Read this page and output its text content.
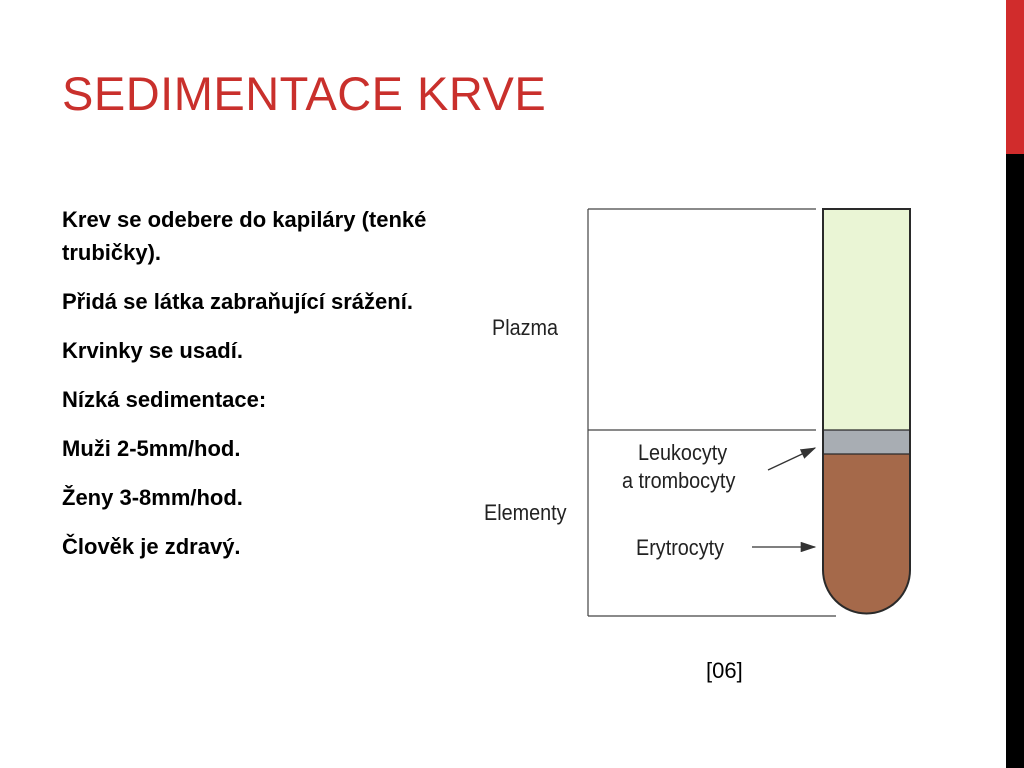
SEDIMENTACE KRVE
Krev se odebere do kapiláry (tenké trubičky).
Přidá se látka zabraňující srážení.
Krvinky se usadí.
Nízká sedimentace:
Muži 2-5mm/hod.
Ženy 3-8mm/hod.
Člověk je zdravý.
Plazma
Elementy
Leukocyty
a trombocyty
Erytrocyty
[06]
